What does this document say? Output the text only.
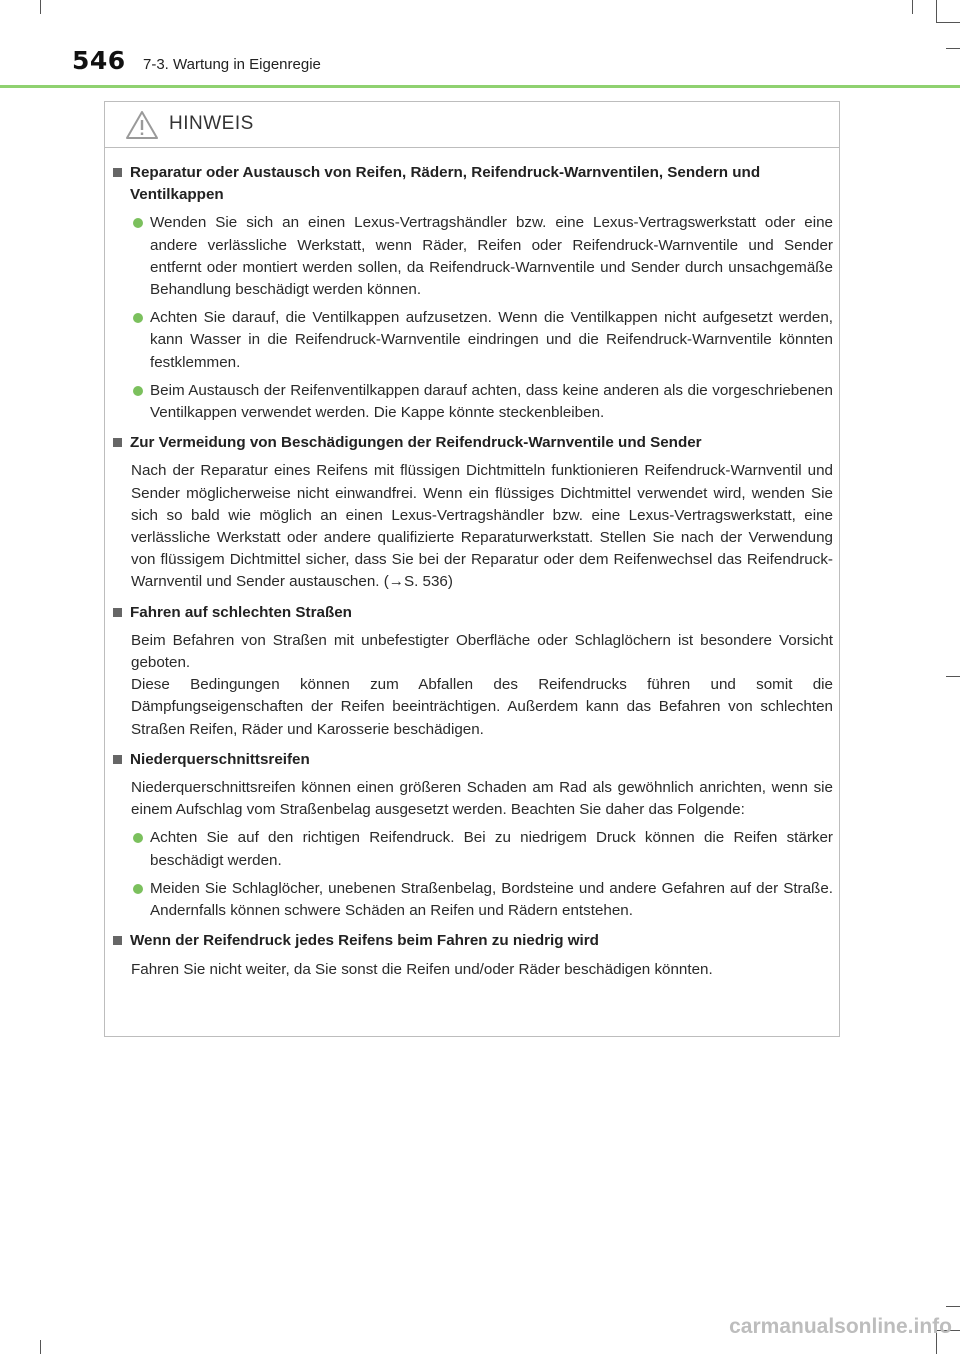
546 7-3. Wartung in Eigenregie
HINWEIS
Reparatur oder Austausch von Reifen, Rädern, Reifendruck-Warnventilen, Sendern und Ventilkappen
Wenden Sie sich an einen Lexus-Vertragshändler bzw. eine Lexus-Vertragswerkstatt oder eine andere verlässliche Werkstatt, wenn Räder, Reifen oder Reifendruck-Warnventile und Sender entfernt oder montiert werden sollen, da Reifendruck-Warnventile und Sender durch unsachgemäße Behandlung beschädigt werden können.
Achten Sie darauf, die Ventilkappen aufzusetzen. Wenn die Ventilkappen nicht aufgesetzt werden, kann Wasser in die Reifendruck-Warnventile eindringen und die Reifendruck-Warnventile könnten festklemmen.
Beim Austausch der Reifenventilkappen darauf achten, dass keine anderen als die vorgeschriebenen Ventilkappen verwendet werden. Die Kappe könnte steckenbleiben.
Zur Vermeidung von Beschädigungen der Reifendruck-Warnventile und Sender
Nach der Reparatur eines Reifens mit flüssigen Dichtmitteln funktionieren Reifendruck-Warnventil und Sender möglicherweise nicht einwandfrei. Wenn ein flüssiges Dichtmittel verwendet wird, wenden Sie sich so bald wie möglich an einen Lexus-Vertragshändler bzw. eine Lexus-Vertragswerkstatt, eine verlässliche Werkstatt oder andere qualifizierte Reparaturwerkstatt. Stellen Sie nach der Verwendung von flüssigem Dichtmittel sicher, dass Sie bei der Reparatur oder dem Reifenwechsel das Reifendruck-Warnventil und Sender austauschen. (→S. 536)
Fahren auf schlechten Straßen
Beim Befahren von Straßen mit unbefestigter Oberfläche oder Schlaglöchern ist besondere Vorsicht geboten.
Diese Bedingungen können zum Abfallen des Reifendrucks führen und somit die Dämpfungseigenschaften der Reifen beeinträchtigen. Außerdem kann das Befahren von schlechten Straßen Reifen, Räder und Karosserie beschädigen.
Niederquerschnittsreifen
Niederquerschnittsreifen können einen größeren Schaden am Rad als gewöhnlich anrichten, wenn sie einem Aufschlag vom Straßenbelag ausgesetzt werden. Beachten Sie daher das Folgende:
Achten Sie auf den richtigen Reifendruck. Bei zu niedrigem Druck können die Reifen stärker beschädigt werden.
Meiden Sie Schlaglöcher, unebenen Straßenbelag, Bordsteine und andere Gefahren auf der Straße. Andernfalls können schwere Schäden an Reifen und Rädern entstehen.
Wenn der Reifendruck jedes Reifens beim Fahren zu niedrig wird
Fahren Sie nicht weiter, da Sie sonst die Reifen und/oder Räder beschädigen könnten.
carmanualsonline.info
